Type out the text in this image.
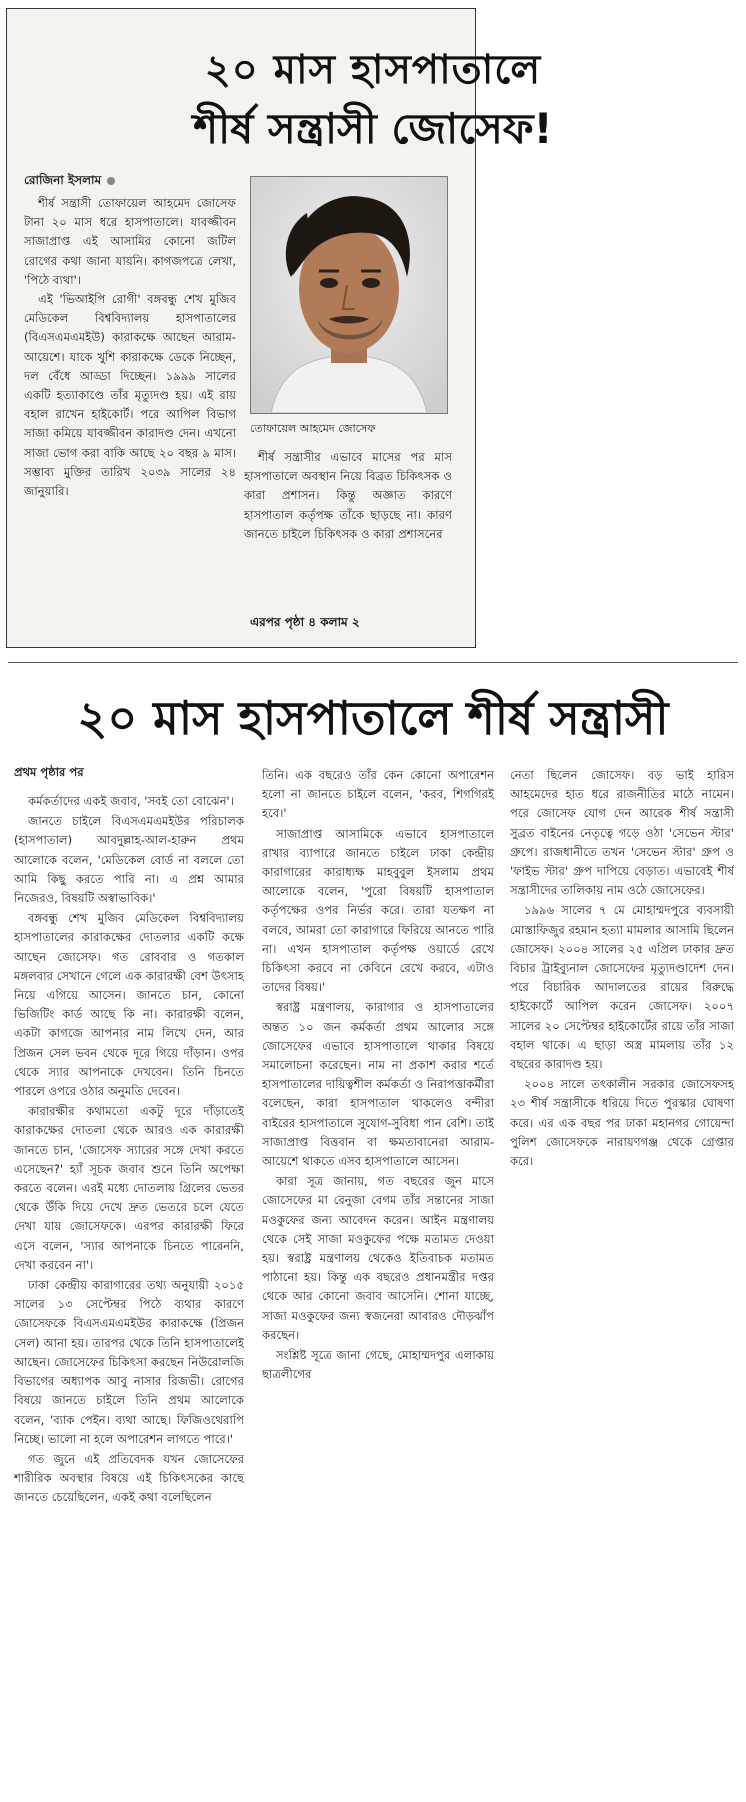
২০ মাস হাসপাতালে
শীর্ষ সন্ত্রাসী জোসেফ!
রোজিনা ইসলাম

শীর্ষ সন্ত্রাসী তোফায়েল আহমেদ জোসেফ টানা ২০ মাস ধরে হাসপাতালে। যাবজ্জীবন সাজাপ্রাপ্ত এই আসামির কোনো জটিল রোগের কথা জানা যায়নি। কাগজপত্রে লেখা, 'পিঠে ব্যথা'।

এই 'ভিআইপি রোগী' বঙ্গবন্ধু শেখ মুজিব মেডিকেল বিশ্ববিদ্যালয় হাসপাতালের (বিএসএমএমইউ) কারাকক্ষে আছেন আরাম-আয়েশে। যাকে খুশি কারাকক্ষে ডেকে নিচ্ছেন, দল বেঁধে আড্ডা দিচ্ছেন। ১৯৯৯ সালের একটি হত্যাকাণ্ডে তাঁর মৃত্যুদণ্ড হয়। এই রায় বহাল রাখেন হাইকোর্ট। পরে আপিল বিভাগ সাজা কমিয়ে যাবজ্জীবন কারাদণ্ড দেন। এখনো সাজা ভোগ করা বাকি আছে ২০ বছর ৯ মাস। সম্ভাব্য মুক্তির তারিখ ২০৩৯ সালের ২৪ জানুয়ারি।

তোফায়েল আহমেদ জোসেফ

শীর্ষ সন্ত্রাসীর এভাবে মাসের পর মাস হাসপাতালে অবস্থান নিয়ে বিব্রত চিকিৎসক ও কারা প্রশাসন। কিন্তু অজ্ঞাত কারণে হাসপাতাল কর্তৃপক্ষ তাঁকে ছাড়ছে না। কারণ জানতে চাইলে চিকিৎসক ও কারা প্রশাসনের

এরপর পৃষ্ঠা ৪ কলাম ২
২০ মাস হাসপাতালে শীর্ষ সন্ত্রাসী
প্রথম পৃষ্ঠার পর

কর্মকর্তাদের একই জবাব, 'সবই তো বোঝেন'।

জানতে চাইলে বিএসএমএমইউর পরিচালক (হাসপাতাল) আবদুল্লাহ-আল-হারুন প্রথম আলোকে বলেন, 'মেডিকেল বোর্ড না বললে তো আমি কিছু করতে পারি না। এ প্রশ্ন আমার নিজেরও, বিষয়টি অস্বাভাবিক।'

বঙ্গবন্ধু শেখ মুজিব মেডিকেল বিশ্ববিদ্যালয় হাসপাতালের কারাকক্ষের দোতলার একটি কক্ষে আছেন জোসেফ। গত রোববার ও গতকাল মঙ্গলবার সেখানে গেলে এক কারারক্ষী বেশ উৎসাহ নিয়ে এগিয়ে আসেন। জানতে চান, কোনো ভিজিটিং কার্ড আছে কি না। কারারক্ষী বলেন, একটা কাগজে আপনার নাম লিখে দেন, আর প্রিজন সেল ভবন থেকে দূরে গিয়ে দাঁড়ান। ওপর থেকে স্যার আপনাকে দেখবেন। তিনি চিনতে পারলে ওপরে ওঠার অনুমতি দেবেন।

কারারক্ষীর কথামতো একটু দূরে দাঁড়াতেই কারাকক্ষের দোতলা থেকে আরও এক কারারক্ষী জানতে চান, 'জোসেফ স্যারের সঙ্গে দেখা করতে এসেছেন?' হ্যাঁ সূচক জবাব শুনে তিনি অপেক্ষা করতে বলেন। এরই মধ্যে দোতলায় গ্রিলের ভেতর থেকে উঁকি দিয়ে দেখে দ্রুত ভেতরে চলে যেতে দেখা যায় জোসেফকে। এরপর কারারক্ষী ফিরে এসে বলেন, 'স্যার আপনাকে চিনতে পারেননি, দেখা করবেন না'।

ঢাকা কেন্দ্রীয় কারাগারের তথ্য অনুযায়ী ২০১৫ সালের ১৩ সেপ্টেম্বর পিঠে ব্যথার কারণে জোসেফকে বিএসএমএমইউর কারাকক্ষে (প্রিজন সেল) আনা হয়। তারপর থেকে তিনি হাসপাতালেই আছেন। জোসেফের চিকিৎসা করছেন নিউরোলজি বিভাগের অধ্যাপক আবু নাসার রিজভী। রোগের বিষয়ে জানতে চাইলে তিনি প্রথম আলোকে বলেন, 'ব্যাক পেইন। ব্যথা আছে। ফিজিওথেরাপি নিচ্ছে। ভালো না হলে অপারেশন লাগতে পারে।'

গত জুনে এই প্রতিবেদক যখন জোসেফের শারীরিক অবস্থার বিষয়ে এই চিকিৎসকের কাছে জানতে চেয়েছিলেন, একই কথা বলেছিলেন

তিনি। এক বছরেও তাঁর কেন কোনো অপারেশন হলো না জানতে চাইলে বলেন, 'করব, শিগগিরই হবে।'

সাজাপ্রাপ্ত আসামিকে এভাবে হাসপাতালে রাখার ব্যাপারে জানতে চাইলে ঢাকা কেন্দ্রীয় কারাগারের কারাধ্যক্ষ মাহবুবুল ইসলাম প্রথম আলোকে বলেন, 'পুরো বিষয়টি হাসপাতাল কর্তৃপক্ষের ওপর নির্ভর করে। তারা যতক্ষণ না বলবে, আমরা তো কারাগারে ফিরিয়ে আনতে পারি না। এখন হাসপাতাল কর্তৃপক্ষ ওয়ার্ডে রেখে চিকিৎসা করবে না কেবিনে রেখে করবে, এটাও তাদের বিষয়।'

স্বরাষ্ট্র মন্ত্রণালয়, কারাগার ও হাসপাতালের অন্তত ১০ জন কর্মকর্তা প্রথম আলোর সঙ্গে জোসেফের এভাবে হাসপাতালে থাকার বিষয়ে সমালোচনা করেছেন। নাম না প্রকাশ করার শর্তে হাসপাতালের দায়িত্বশীল কর্মকর্তা ও নিরাপত্তাকর্মীরা বলেছেন, কারা হাসপাতাল থাকলেও বন্দীরা বাইরের হাসপাতালে সুযোগ-সুবিধা পান বেশি। তাই সাজাপ্রাপ্ত বিত্তবান বা ক্ষমতাবানেরা আরাম-আয়েশে থাকতে এসব হাসপাতালে আসেন।

কারা সূত্র জানায়, গত বছরের জুন মাসে জোসেফের মা রেনুজা বেগম তাঁর সন্তানের সাজা মওকুফের জন্য আবেদন করেন। আইন মন্ত্রণালয় থেকে সেই সাজা মওকুফের পক্ষে মতামত দেওয়া হয়। স্বরাষ্ট্র মন্ত্রণালয় থেকেও ইতিবাচক মতামত পাঠানো হয়। কিন্তু এক বছরেও প্রধানমন্ত্রীর দপ্তর থেকে আর কোনো জবাব আসেনি। শোনা যাচ্ছে, সাজা মওকুফের জন্য স্বজনেরা আবারও দৌড়ঝাঁপ করছেন।

সংশ্লিষ্ট সূত্রে জানা গেছে, মোহাম্মদপুর এলাকায় ছাত্রলীগের

নেতা ছিলেন জোসেফ। বড় ভাই হারিস আহমেদের হাত ধরে রাজনীতির মাঠে নামেন। পরে জোসেফ যোগ দেন আরেক শীর্ষ সন্ত্রাসী সুব্রত বাইনের নেতৃত্বে গড়ে ওঠা 'সেভেন স্টার' গ্রুপে। রাজধানীতে তখন 'সেভেন স্টার' গ্রুপ ও 'ফাইভ স্টার' গ্রুপ দাপিয়ে বেড়াত। এভাবেই শীর্ষ সন্ত্রাসীদের তালিকায় নাম ওঠে জোসেফের।

১৯৯৬ সালের ৭ মে মোহাম্মদপুরে ব্যবসায়ী মোস্তাফিজুর রহমান হত্যা মামলার আসামি ছিলেন জোসেফ। ২০০৪ সালের ২৫ এপ্রিল ঢাকার দ্রুত বিচার ট্রাইব্যুনাল জোসেফের মৃত্যুদণ্ডাদেশ দেন। পরে বিচারিক আদালতের রায়ের বিরুদ্ধে হাইকোর্টে আপিল করেন জোসেফ। ২০০৭ সালের ২০ সেপ্টেম্বর হাইকোর্টের রায়ে তাঁর সাজা বহাল থাকে। এ ছাড়া অস্ত্র মামলায় তাঁর ১২ বছরের কারাদণ্ড হয়।

২০০৪ সালে তৎকালীন সরকার জোসেফসহ ২৩ শীর্ষ সন্ত্রাসীকে ধরিয়ে দিতে পুরস্কার ঘোষণা করে। এর এক বছর পর ঢাকা মহানগর গোয়েন্দা পুলিশ জোসেফকে নারায়ণগঞ্জ থেকে গ্রেপ্তার করে।
